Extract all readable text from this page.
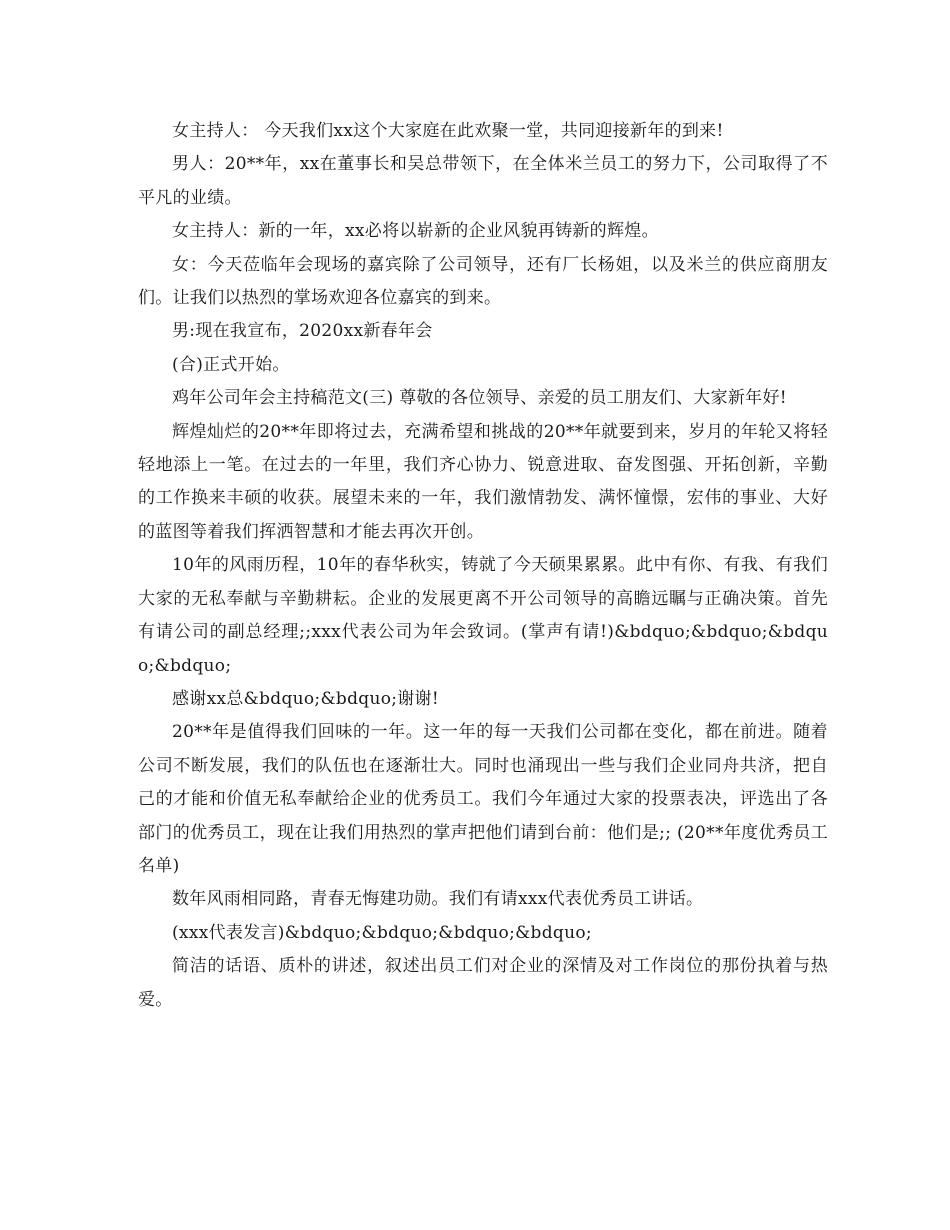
女主持人： 今天我们xx这个大家庭在此欢聚一堂，共同迎接新年的到来!

男人：20**年，xx在董事长和吴总带领下，在全体米兰员工的努力下，公司取得了不平凡的业绩。

女主持人：新的一年，xx必将以崭新的企业风貌再铸新的辉煌。

女：今天莅临年会现场的嘉宾除了公司领导，还有厂长杨姐，以及米兰的供应商朋友们。让我们以热烈的掌场欢迎各位嘉宾的到来。

男:现在我宣布，2020xx新春年会

(合)正式开始。

鸡年公司年会主持稿范文(三) 尊敬的各位领导、亲爱的员工朋友们、大家新年好!

辉煌灿烂的20**年即将过去，充满希望和挑战的20**年就要到来，岁月的年轮又将轻轻地添上一笔。在过去的一年里，我们齐心协力、锐意进取、奋发图强、开拓创新，辛勤的工作换来丰硕的收获。展望未来的一年，我们激情勃发、满怀憧憬，宏伟的事业、大好的蓝图等着我们挥洒智慧和才能去再次开创。

10年的风雨历程，10年的春华秋实，铸就了今天硕果累累。此中有你、有我、有我们大家的无私奉献与辛勤耕耘。企业的发展更离不开公司领导的高瞻远瞩与正确决策。首先有请公司的副总经理;;xxx代表公司为年会致词。(掌声有请!)&bdquo;&bdquo;&bdquo;&bdquo;

感谢xx总&bdquo;&bdquo;谢谢!

20**年是值得我们回味的一年。这一年的每一天我们公司都在变化，都在前进。随着公司不断发展，我们的队伍也在逐渐壮大。同时也涌现出一些与我们企业同舟共济，把自己的才能和价值无私奉献给企业的优秀员工。我们今年通过大家的投票表决，评选出了各部门的优秀员工，现在让我们用热烈的掌声把他们请到台前：他们是;; (20**年度优秀员工名单)

数年风雨相同路，青春无悔建功勋。我们有请xxx代表优秀员工讲话。

(xxx代表发言)&bdquo;&bdquo;&bdquo;&bdquo;

简洁的话语、质朴的讲述，叙述出员工们对企业的深情及对工作岗位的那份执着与热爱。
